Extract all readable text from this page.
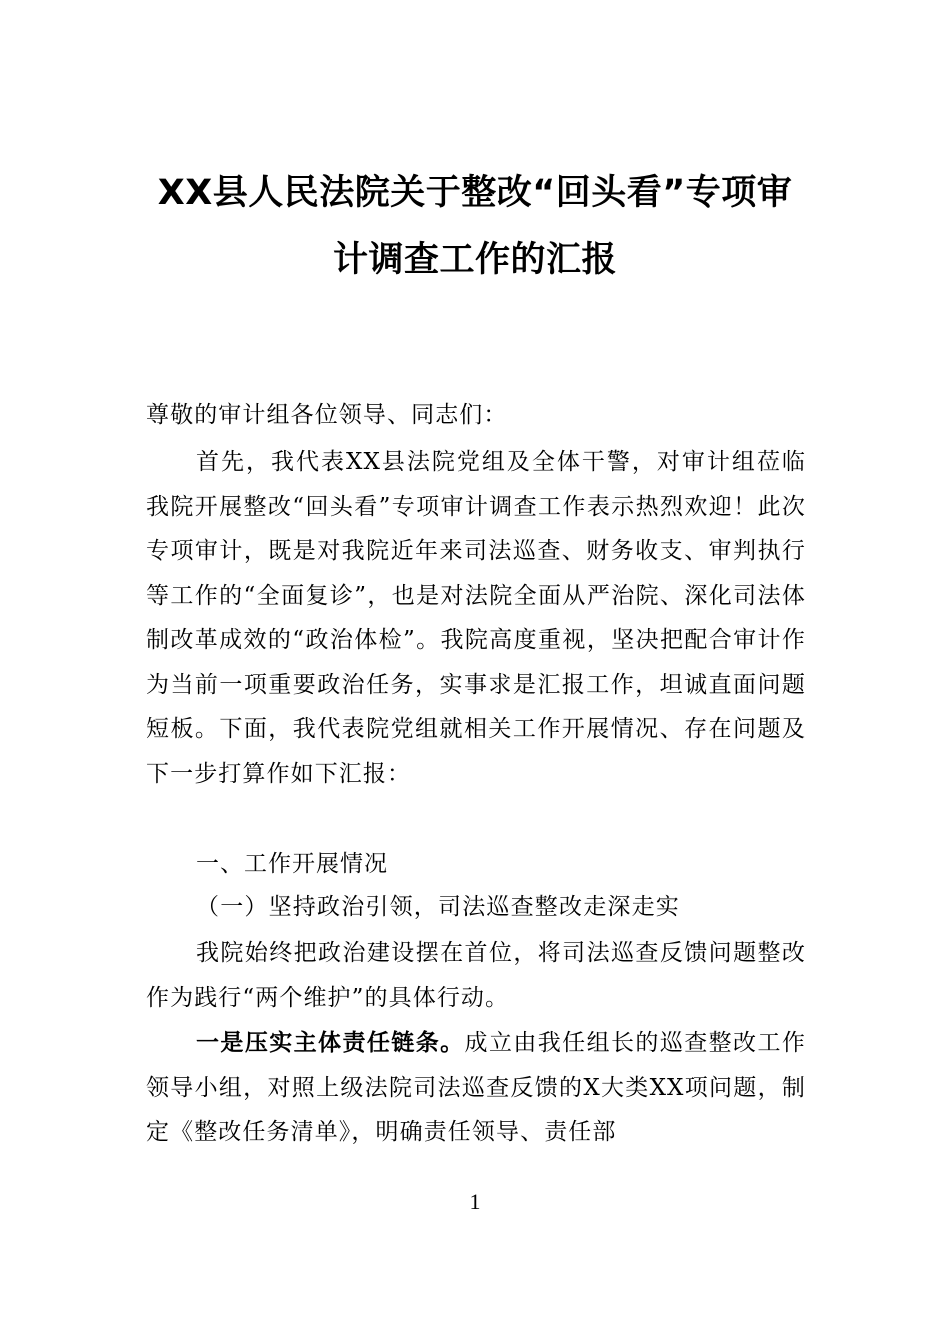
XX县人民法院关于整改“回头看”专项审
计调查工作的汇报

尊敬的审计组各位领导、同志们：

首先，我代表XX县法院党组及全体干警，对审计组莅临我院开展整改“回头看”专项审计调查工作表示热烈欢迎！此次专项审计，既是对我院近年来司法巡查、财务收支、审判执行等工作的“全面复诊”，也是对法院全面从严治院、深化司法体制改革成效的“政治体检”。我院高度重视，坚决把配合审计作为当前一项重要政治任务，实事求是汇报工作，坦诚直面问题短板。下面，我代表院党组就相关工作开展情况、存在问题及下一步打算作如下汇报：

一、工作开展情况
（一）坚持政治引领，司法巡查整改走深走实

我院始终把政治建设摆在首位，将司法巡查反馈问题整改作为践行“两个维护”的具体行动。

一是压实主体责任链条。成立由我任组长的巡查整改工作领导小组，对照上级法院司法巡查反馈的X大类XX项问题，制定《整改任务清单》，明确责任领导、责任部

1
